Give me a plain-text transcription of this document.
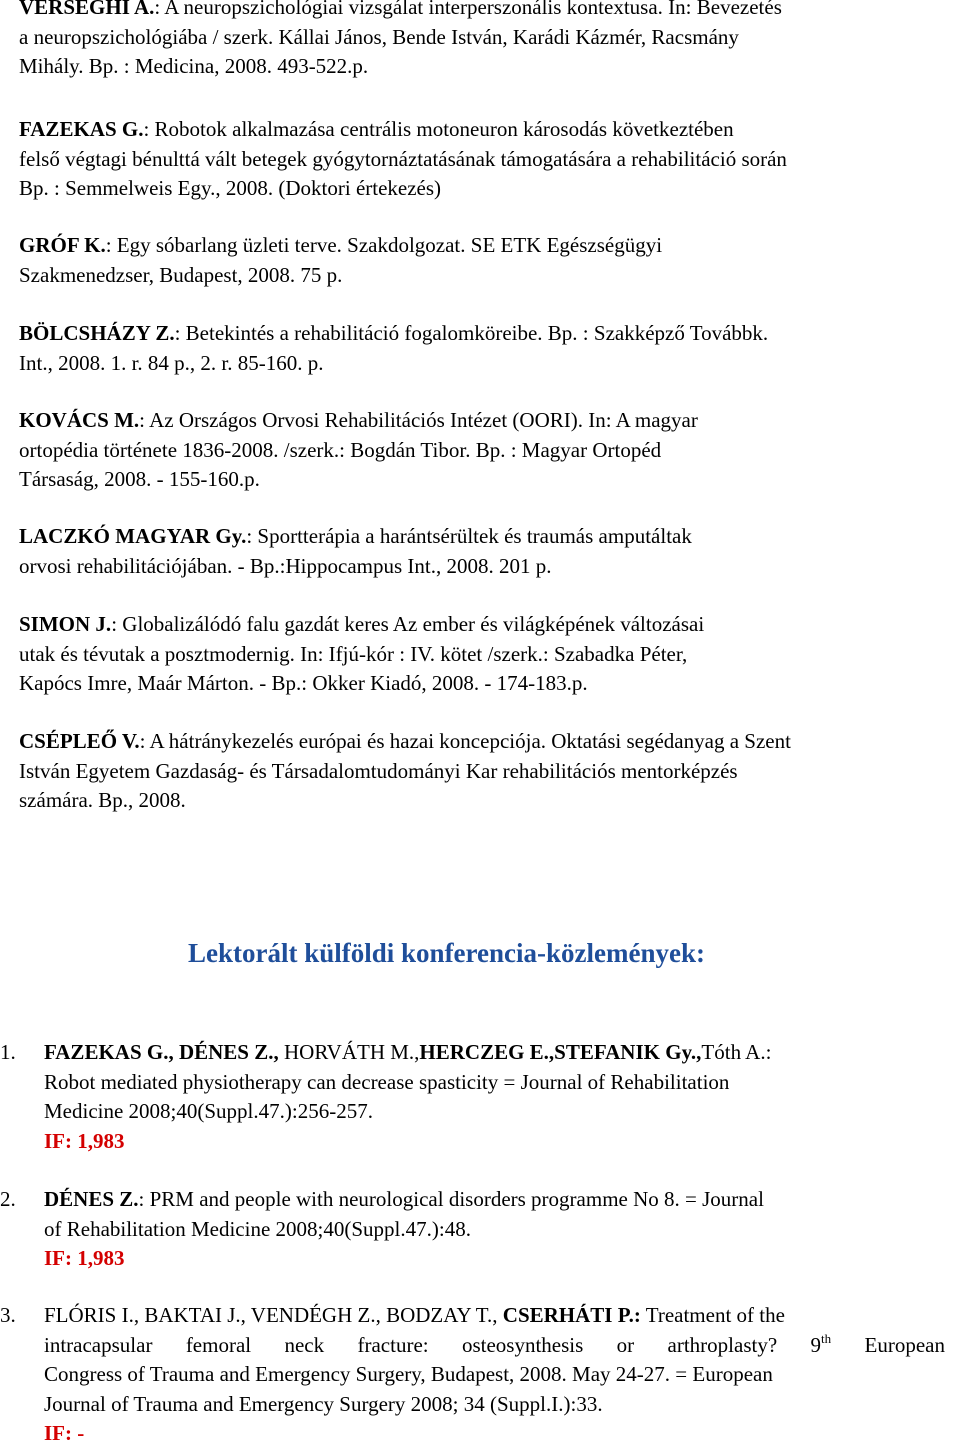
VERSEGHI A.: A neuropszichológiai vizsgálat interperszonális kontextusa. In: Bevezetés
a neuropszichológiába / szerk. Kállai János, Bende István, Karádi Kázmér, Racsmány
Mihály. Bp. : Medicina, 2008. 493-522.p.
FAZEKAS G.: Robotok alkalmazása centrális motoneuron károsodás következtében
felső végtagi bénulttá vált betegek gyógytornáztatásának támogatására a rehabilitáció során
Bp. : Semmelweis Egy., 2008. (Doktori értekezés)
GRÓF K.: Egy sóbarlang üzleti terve. Szakdolgozat. SE ETK Egészségügyi
Szakmenedzser, Budapest, 2008. 75 p.
BÖLCSHÁZY Z.: Betekintés a rehabilitáció fogalomköreibe. Bp. : Szakképző Továbbk.
Int., 2008. 1. r. 84 p., 2. r. 85-160. p.
KOVÁCS M.: Az Országos Orvosi Rehabilitációs Intézet (OORI). In: A magyar
ortopédia története 1836-2008. /szerk.: Bogdán Tibor. Bp. : Magyar Ortopéd
Társaság, 2008. - 155-160.p.
LACZKÓ MAGYAR Gy.: Sportterápia a harántsérültek és traumás amputáltak
orvosi rehabilitációjában. - Bp.:Hippocampus Int., 2008. 201 p.
SIMON J.: Globalizálódó falu gazdát keres Az ember és világképének változásai
utak és tévutak a posztmodernig. In: Ifjú-kór : IV. kötet /szerk.: Szabadka Péter,
Kapócs Imre, Maár Márton. - Bp.: Okker Kiadó, 2008. - 174-183.p.
CSÉPLEŐ V.: A hátránykezelés európai és hazai koncepciója. Oktatási segédanyag a Szent
István Egyetem Gazdaság- és Társadalomtudományi Kar rehabilitációs mentorképzés
számára. Bp., 2008.
Lektorált külföldi konferencia-közlemények:
1.	FAZEKAS G., DÉNES Z., HORVÁTH M.,HERCZEG E.,STEFANIK Gy.,Tóth A.:
Robot mediated physiotherapy can decrease spasticity = Journal of Rehabilitation
Medicine 2008;40(Suppl.47.):256-257.
IF: 1,983
2.	DÉNES Z.: PRM and people with neurological disorders programme No 8. = Journal
of Rehabilitation Medicine 2008;40(Suppl.47.):48.
IF: 1,983
3.	FLÓRIS I., BAKTAI J., VENDÉGH Z., BODZAY T., CSERHÁTI P.: Treatment of the
intracapsular femoral neck fracture: osteosynthesis or arthroplasty? 9th European
Congress of Trauma and Emergency Surgery, Budapest, 2008. May 24-27. = European
Journal of Trauma and Emergency Surgery 2008; 34 (Suppl.I.):33.
IF: -
